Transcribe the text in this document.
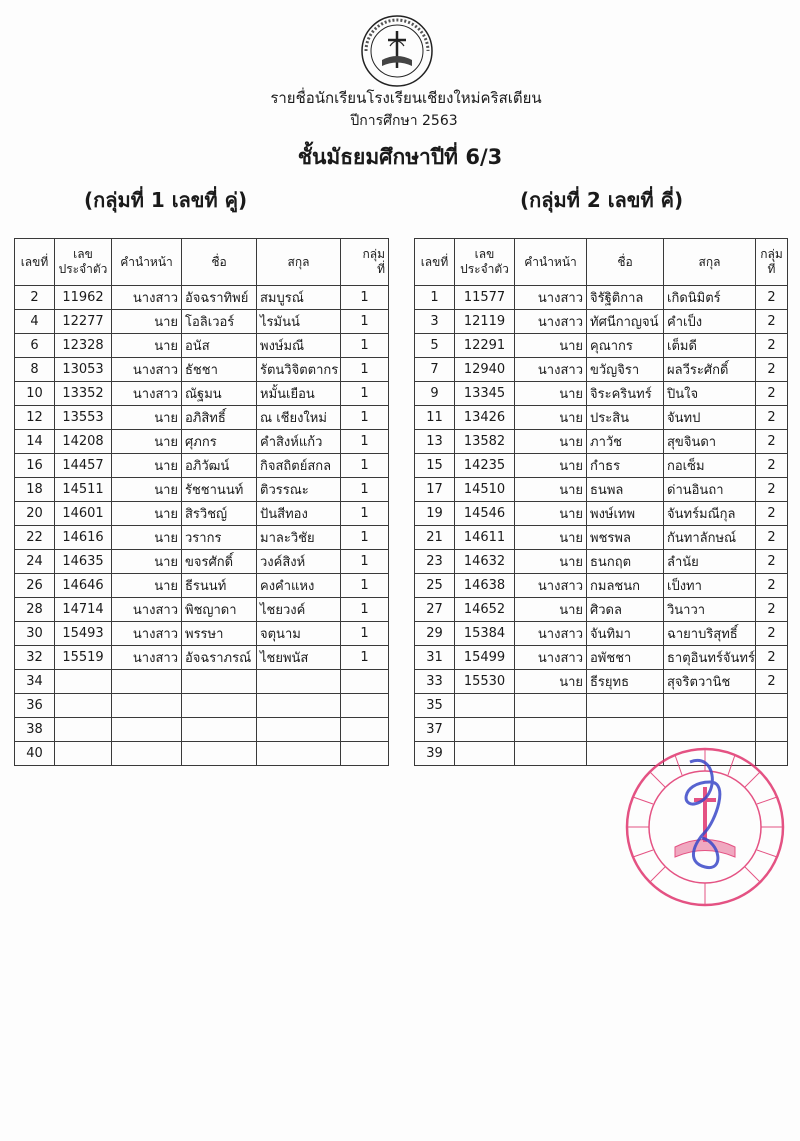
รายชื่อนักเรียนโรงเรียนเชียงใหม่คริสเตียน
ปีการศึกษา 2563
ชั้นมัธยมศึกษาปีที่ 6/3
(กลุ่มที่ 1 เลขที่ คู่)	(กลุ่มที่ 2 เลขที่ คี่)
เลขที่	เลข
ประจำตัว	คำนำหน้า	ชื่อ	สกุล	กลุ่ม
ที่
2	11962	นางสาว	อัจฉราทิพย์	สมบูรณ์	1
4	12277	นาย	โอลิเวอร์	ไรมันน์	1
6	12328	นาย	อนัส	พงษ์มณี	1
8	13053	นางสาว	ธัชชา	รัตนวิจิตตากร	1
10	13352	นางสาว	ณัฐมน	หมั้นเยือน	1
12	13553	นาย	อภิสิทธิ์	ณ เชียงใหม่	1
14	14208	นาย	ศุภกร	คำสิงห์แก้ว	1
16	14457	นาย	อภิวัฒน์	กิจสถิตย์สกล	1
18	14511	นาย	รัชชานนท์	ติวรรณะ	1
20	14601	นาย	สิรวิชญ์	ปันสีทอง	1
22	14616	นาย	วรากร	มาละวิชัย	1
24	14635	นาย	ขจรศักดิ์	วงค์สิงห์	1
26	14646	นาย	ธีรนนท์	คงคำแหง	1
28	14714	นางสาว	พิชญาดา	ไชยวงค์	1
30	15493	นางสาว	พรรษา	จตุนาม	1
32	15519	นางสาว	อัจฉราภรณ์	ไชยพนัส	1
34					
36					
38					
40					
เลขที่	เลข
ประจำตัว	คำนำหน้า	ชื่อ	สกุล	กลุ่ม
ที่
1	11577	นางสาว	จิรัฐิติกาล	เกิดนิมิตร์	2
3	12119	นางสาว	ทัศนีกาญจน์	คำเป็ง	2
5	12291	นาย	คุณากร	เต็มดี	2
7	12940	นางสาว	ขวัญจิรา	ผลวีระศักดิ์	2
9	13345	นาย	จิระครินทร์	ปินใจ	2
11	13426	นาย	ประสิน	จันทป	2
13	13582	นาย	ภาวัช	สุขจินดา	2
15	14235	นาย	กำธร	กอเซ็ม	2
17	14510	นาย	ธนพล	ด่านอินถา	2
19	14546	นาย	พงษ์เทพ	จันทร์มณีกุล	2
21	14611	นาย	พชรพล	กันทาลักษณ์	2
23	14632	นาย	ธนกฤต	ลำนัย	2
25	14638	นางสาว	กมลชนก	เป็งทา	2
27	14652	นาย	ศิวดล	วินาวา	2
29	15384	นางสาว	จันทิมา	ฉายาบริสุทธิ์	2
31	15499	นางสาว	อพัชชา	ธาตุอินทร์จันทร์	2
33	15530	นาย	ธีรยุทธ	สุจริตวานิช	2
35					
37					
39					
